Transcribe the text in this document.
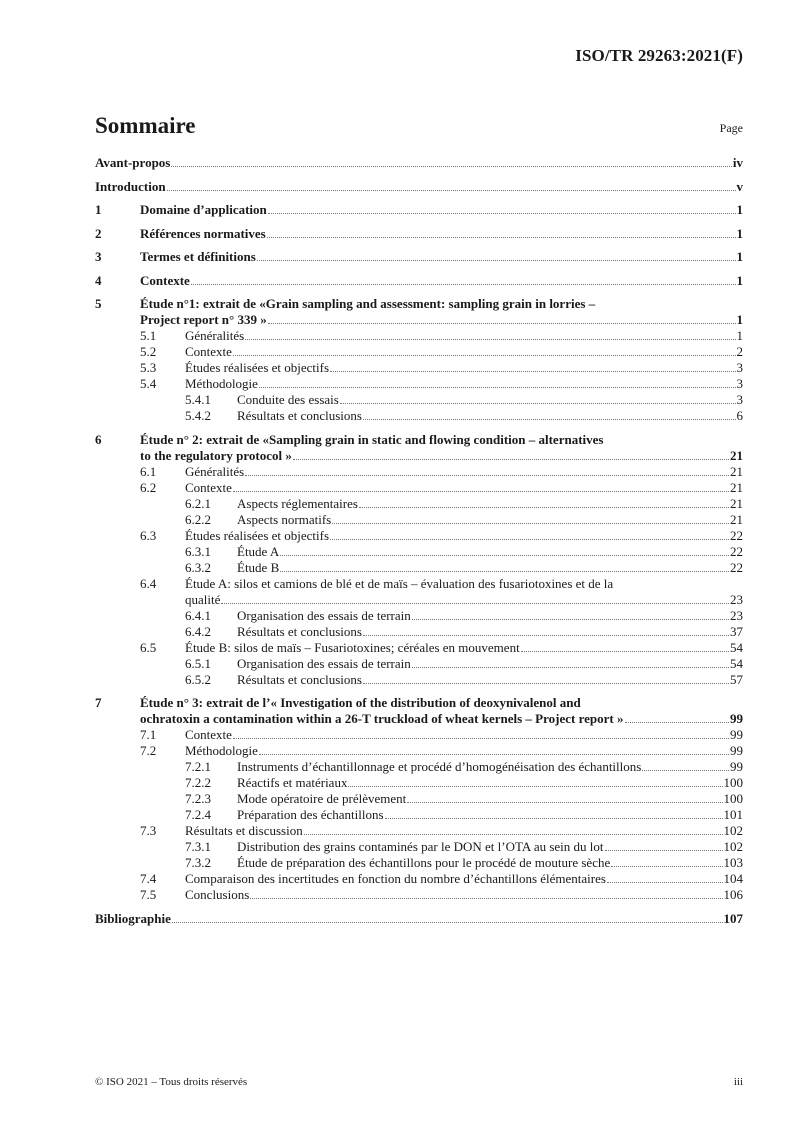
ISO/TR 29263:2021(F)
Sommaire	Page
Avant-propos	iv
Introduction	v
1	Domaine d’application	1
2	Références normatives	1
3	Termes et définitions	1
4	Contexte	1
5	Étude n°1: extrait de «Grain sampling and assessment: sampling grain in lorries –
Project report n° 339 »	1
5.1	Généralités	1
5.2	Contexte	2
5.3	Études réalisées et objectifs	3
5.4	Méthodologie	3
5.4.1	Conduite des essais	3
5.4.2	Résultats et conclusions	6
6	Étude n° 2: extrait de «Sampling grain in static and flowing condition – alternatives
to the regulatory protocol »	21
6.1	Généralités	21
6.2	Contexte	21
6.2.1	Aspects réglementaires	21
6.2.2	Aspects normatifs	21
6.3	Études réalisées et objectifs	22
6.3.1	Étude A	22
6.3.2	Étude B	22
6.4	Étude A: silos et camions de blé et de maïs – évaluation des fusariotoxines et de la
qualité	23
6.4.1	Organisation des essais de terrain	23
6.4.2	Résultats et conclusions	37
6.5	Étude B: silos de maïs – Fusariotoxines; céréales en mouvement	54
6.5.1	Organisation des essais de terrain	54
6.5.2	Résultats et conclusions	57
7	Étude n° 3: extrait de l’« Investigation of the distribution of deoxynivalenol and
ochratoxin a contamination within a 26-T truckload of wheat kernels – Project report »	99
7.1	Contexte	99
7.2	Méthodologie	99
7.2.1	Instruments d’échantillonnage et procédé d’homogénéisation des échantillons	99
7.2.2	Réactifs et matériaux	100
7.2.3	Mode opératoire de prélèvement	100
7.2.4	Préparation des échantillons	101
7.3	Résultats et discussion	102
7.3.1	Distribution des grains contaminés par le DON et l’OTA au sein du lot	102
7.3.2	Étude de préparation des échantillons pour le procédé de mouture sèche	103
7.4	Comparaison des incertitudes en fonction du nombre d’échantillons élémentaires	104
7.5	Conclusions	106
Bibliographie	107
© ISO 2021 – Tous droits réservés	iii
